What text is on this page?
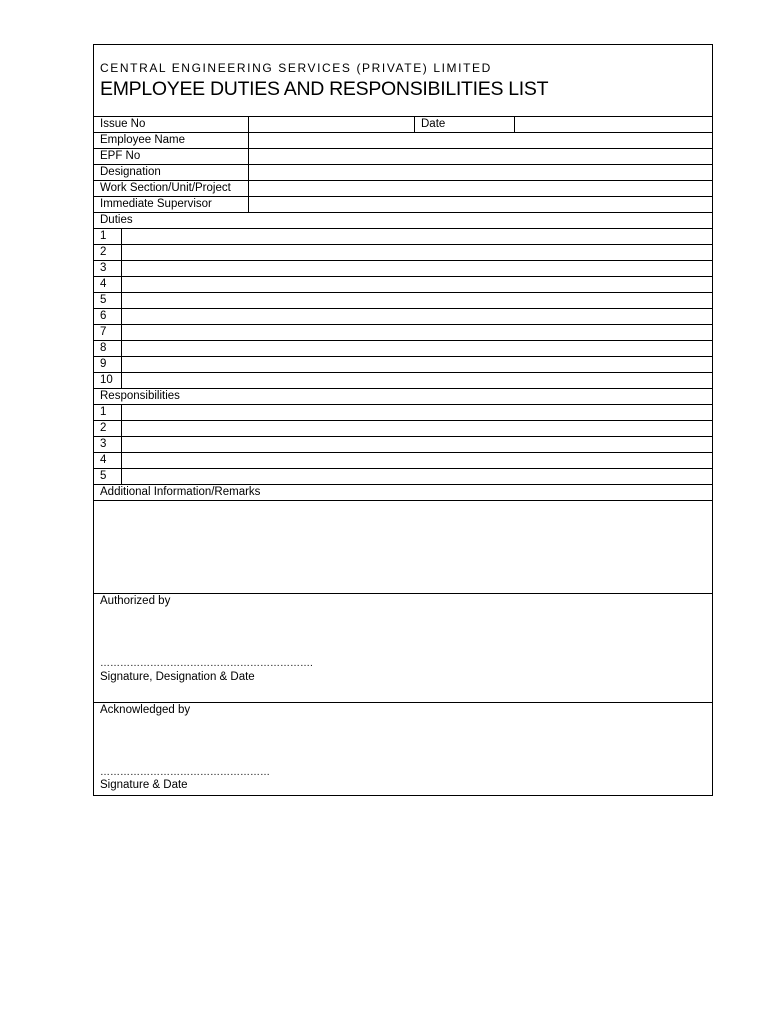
CENTRAL ENGINEERING SERVICES (PRIVATE) LIMITED
EMPLOYEE DUTIES AND RESPONSIBILITIES LIST
Issue No	Date
Employee Name
EPF No
Designation
Work Section/Unit/Project
Immediate Supervisor
Duties
1
2
3
4
5
6
7
8
9
10
Responsibilities
1
2
3
4
5
Additional Information/Remarks
Authorized by
……………………………………………………….
Signature, Designation & Date
Acknowledged by
……………………………………………
Signature & Date
